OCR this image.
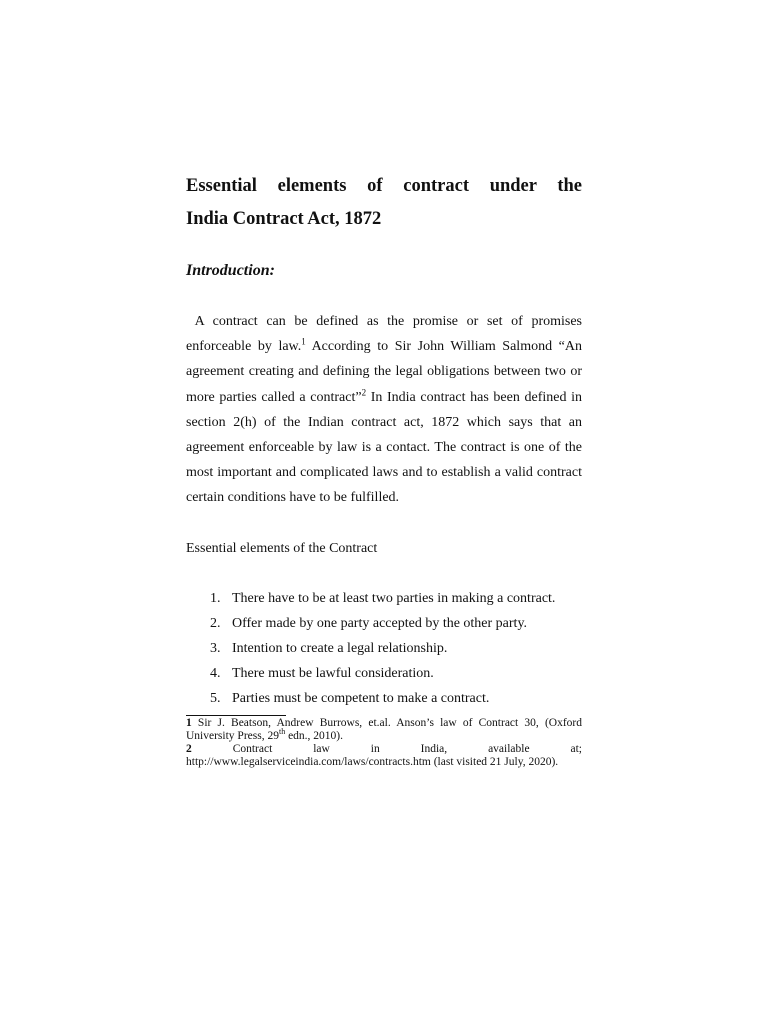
Essential elements of contract under the
India Contract Act, 1872
Introduction:

A contract can be defined as the promise or set of promises enforceable by law.$^1$ According to Sir John William Salmond “An agreement creating and defining the legal obligations between two or more parties called a contract”$^2$ In India contract has been defined in section 2(h) of the Indian contract act, 1872 which says that an agreement enforceable by law is a contact. The contract is one of the most important and complicated laws and to establish a valid contract certain conditions have to be fulfilled.

Essential elements of the Contract

1. There have to be at least two parties in making a contract.
2. Offer made by one party accepted by the other party.
3. Intention to create a legal relationship.
4. There must be lawful consideration.
5. Parties must be competent to make a contract.

1 Sir J. Beatson, Andrew Burrows, et.al. Anson’s law of Contract 30, (Oxford University Press, 29th edn., 2010).

2	Contract law in India, available at;
http://www.legalserviceindia.com/laws/contracts.htm (last visited 21 July, 2020).
